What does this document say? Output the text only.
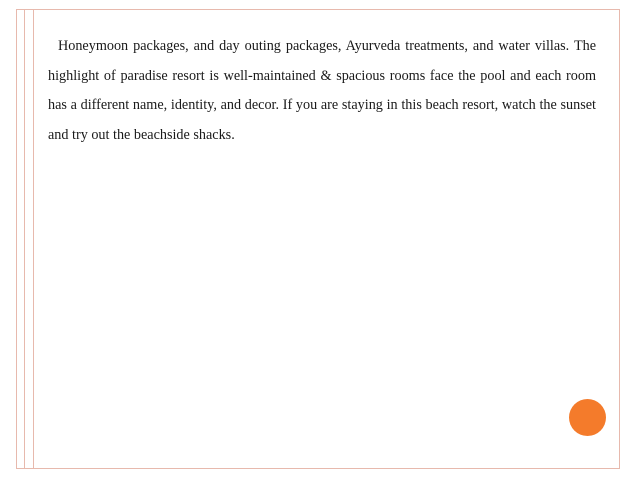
Honeymoon packages, and day outing packages, Ayurveda treatments, and water villas. The highlight of paradise resort is well-maintained & spacious rooms face the pool and each room has a different name, identity, and decor. If you are staying in this beach resort, watch the sunset and try out the beachside shacks.
